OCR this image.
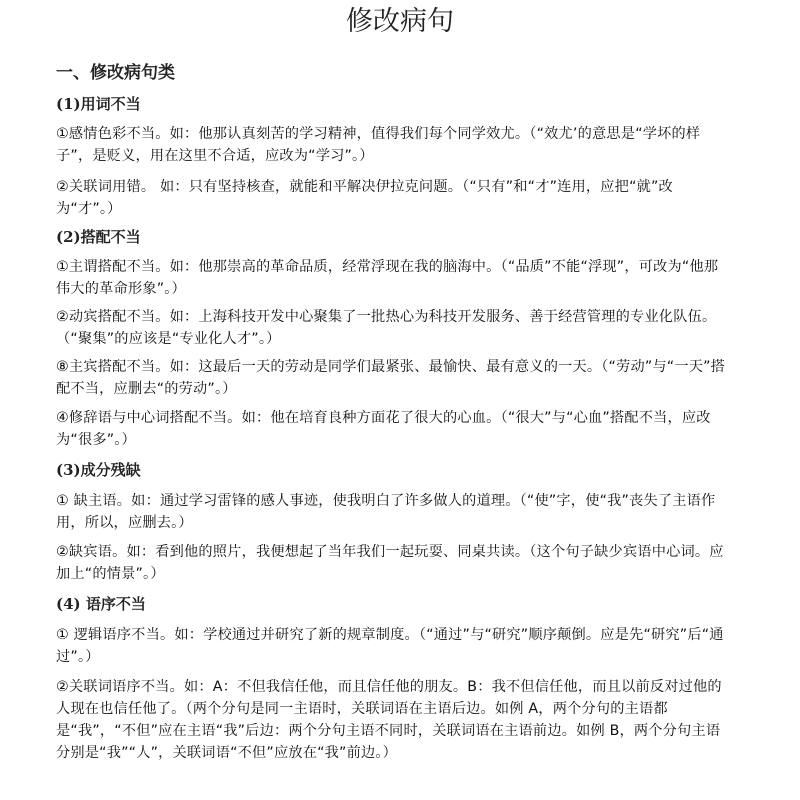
修改病句
一、修改病句类
(1)用词不当
①感情色彩不当。如：他那认真刻苦的学习精神，值得我们每个同学效尤。（“效尤’的意思是“学坏的样子”，是贬义，用在这里不合适，应改为“学习”。）
②关联词用错。 如：只有坚持核查，就能和平解决伊拉克问题。（“只有”和“才”连用，应把“就”改为“才”。）
(2)搭配不当
①主谓搭配不当。如：他那崇高的革命品质，经常浮现在我的脑海中。（“品质”不能“浮现”，可改为“他那伟大的革命形象”。）
②动宾搭配不当。如：上海科技开发中心聚集了一批热心为科技开发服务、善于经营管理的专业化队伍。（“聚集”的应该是“专业化人才”。）
⑧主宾搭配不当。如：这最后一天的劳动是同学们最紧张、最愉快、最有意义的一天。（“劳动”与“一天”搭配不当，应删去“的劳动”。）
④修辞语与中心词搭配不当。如：他在培育良种方面花了很大的心血。（“很大”与“心血”搭配不当，应改为“很多”。）
(3)成分残缺
① 缺主语。如：通过学习雷锋的感人事迹，使我明白了许多做人的道理。（“使”字，使“我”丧失了主语作用，所以，应删去。）
②缺宾语。如：看到他的照片，我便想起了当年我们一起玩耍、同桌共读。（这个句子缺少宾语中心词。应加上“的情景”。）
(4) 语序不当
① 逻辑语序不当。如：学校通过并研究了新的规章制度。（“通过”与“研究”顺序颠倒。应是先“研究”后“通过”。）
②关联词语序不当。如：A：不但我信任他，而且信任他的朋友。B：我不但信任他，而且以前反对过他的人现在也信任他了。（两个分句是同一主语时，关联词语在主语后边。如例 A，两个分句的主语都是“我”，“不但”应在主语“我”后边：两个分句主语不同时，关联词语在主语前边。如例 B，两个分句主语分别是“我”“人”，关联词语“不但”应放在“我”前边。）
